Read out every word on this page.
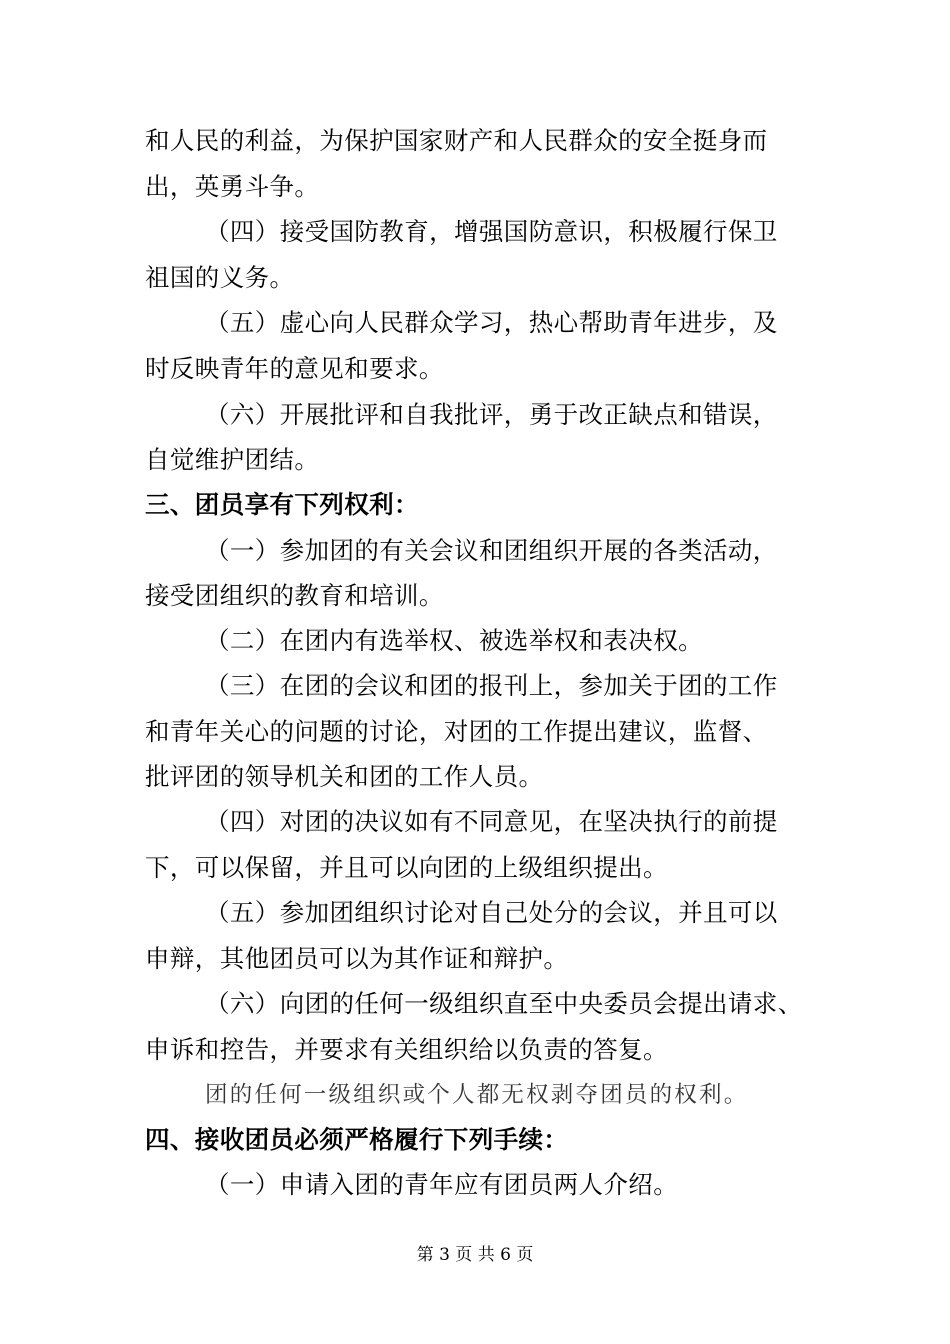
和人民的利益，为保护国家财产和人民群众的安全挺身而
出，英勇斗争。
（四）接受国防教育，增强国防意识，积极履行保卫
祖国的义务。
（五）虚心向人民群众学习，热心帮助青年进步，及
时反映青年的意见和要求。
（六）开展批评和自我批评，勇于改正缺点和错误，
自觉维护团结。
三、团员享有下列权利：
（一）参加团的有关会议和团组织开展的各类活动，
接受团组织的教育和培训。
（二）在团内有选举权、被选举权和表决权。
（三）在团的会议和团的报刊上，参加关于团的工作
和青年关心的问题的讨论，对团的工作提出建议，监督、
批评团的领导机关和团的工作人员。
（四）对团的决议如有不同意见，在坚决执行的前提
下，可以保留，并且可以向团的上级组织提出。
（五）参加团组织讨论对自己处分的会议，并且可以
申辩，其他团员可以为其作证和辩护。
（六）向团的任何一级组织直至中央委员会提出请求、
申诉和控告，并要求有关组织给以负责的答复。
团的任何一级组织或个人都无权剥夺团员的权利。
四、接收团员必须严格履行下列手续：
（一）申请入团的青年应有团员两人介绍。
第 3 页 共 6 页
